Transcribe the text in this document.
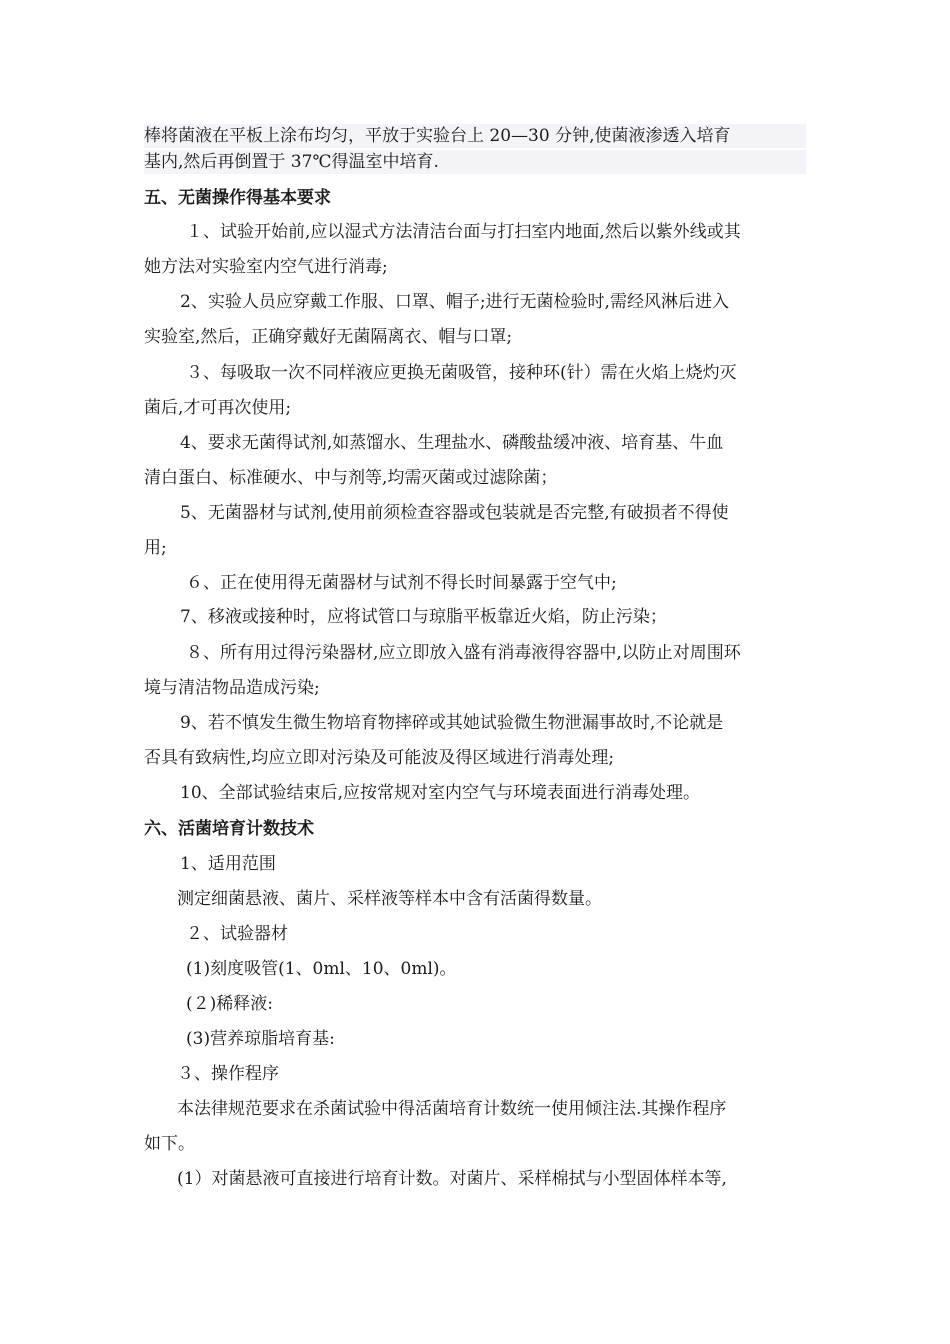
棒将菌液在平板上涂布均匀，平放于实验台上 20—30 分钟,使菌液渗透入培育
基内,然后再倒置于 37℃得温室中培育.
五、无菌操作得基本要求
１、试验开始前,应以湿式方法清洁台面与打扫室内地面,然后以紫外线或其
她方法对实验室内空气进行消毒;
2、实验人员应穿戴工作服、口罩、帽子;进行无菌检验时,需经风淋后进入
实验室,然后，正确穿戴好无菌隔离衣、帽与口罩;
３、每吸取一次不同样液应更换无菌吸管，接种环(针）需在火焰上烧灼灭
菌后,才可再次使用;
4、要求无菌得试剂,如蒸馏水、生理盐水、磷酸盐缓冲液、培育基、牛血
清白蛋白、标准硬水、中与剂等,均需灭菌或过滤除菌；
5、无菌器材与试剂,使用前须检查容器或包装就是否完整,有破损者不得使
用;
６、正在使用得无菌器材与试剂不得长时间暴露于空气中;
7、移液或接种时，应将试管口与琼脂平板靠近火焰，防止污染；
８、所有用过得污染器材,应立即放入盛有消毒液得容器中,以防止对周围环
境与清洁物品造成污染;
9、若不慎发生微生物培育物摔碎或其她试验微生物泄漏事故时,不论就是
否具有致病性,均应立即对污染及可能波及得区域进行消毒处理;
10、全部试验结束后,应按常规对室内空气与环境表面进行消毒处理。
六、活菌培育计数技术
1、适用范围
测定细菌悬液、菌片、采样液等样本中含有活菌得数量。
２、试验器材
(1)刻度吸管(1、0ml、10、0ml)。
(２)稀释液:
(3)营养琼脂培育基:
３、操作程序
本法律规范要求在杀菌试验中得活菌培育计数统一使用倾注法.其操作程序
如下。
(1）对菌悬液可直接进行培育计数。对菌片、采样棉拭与小型固体样本等,
